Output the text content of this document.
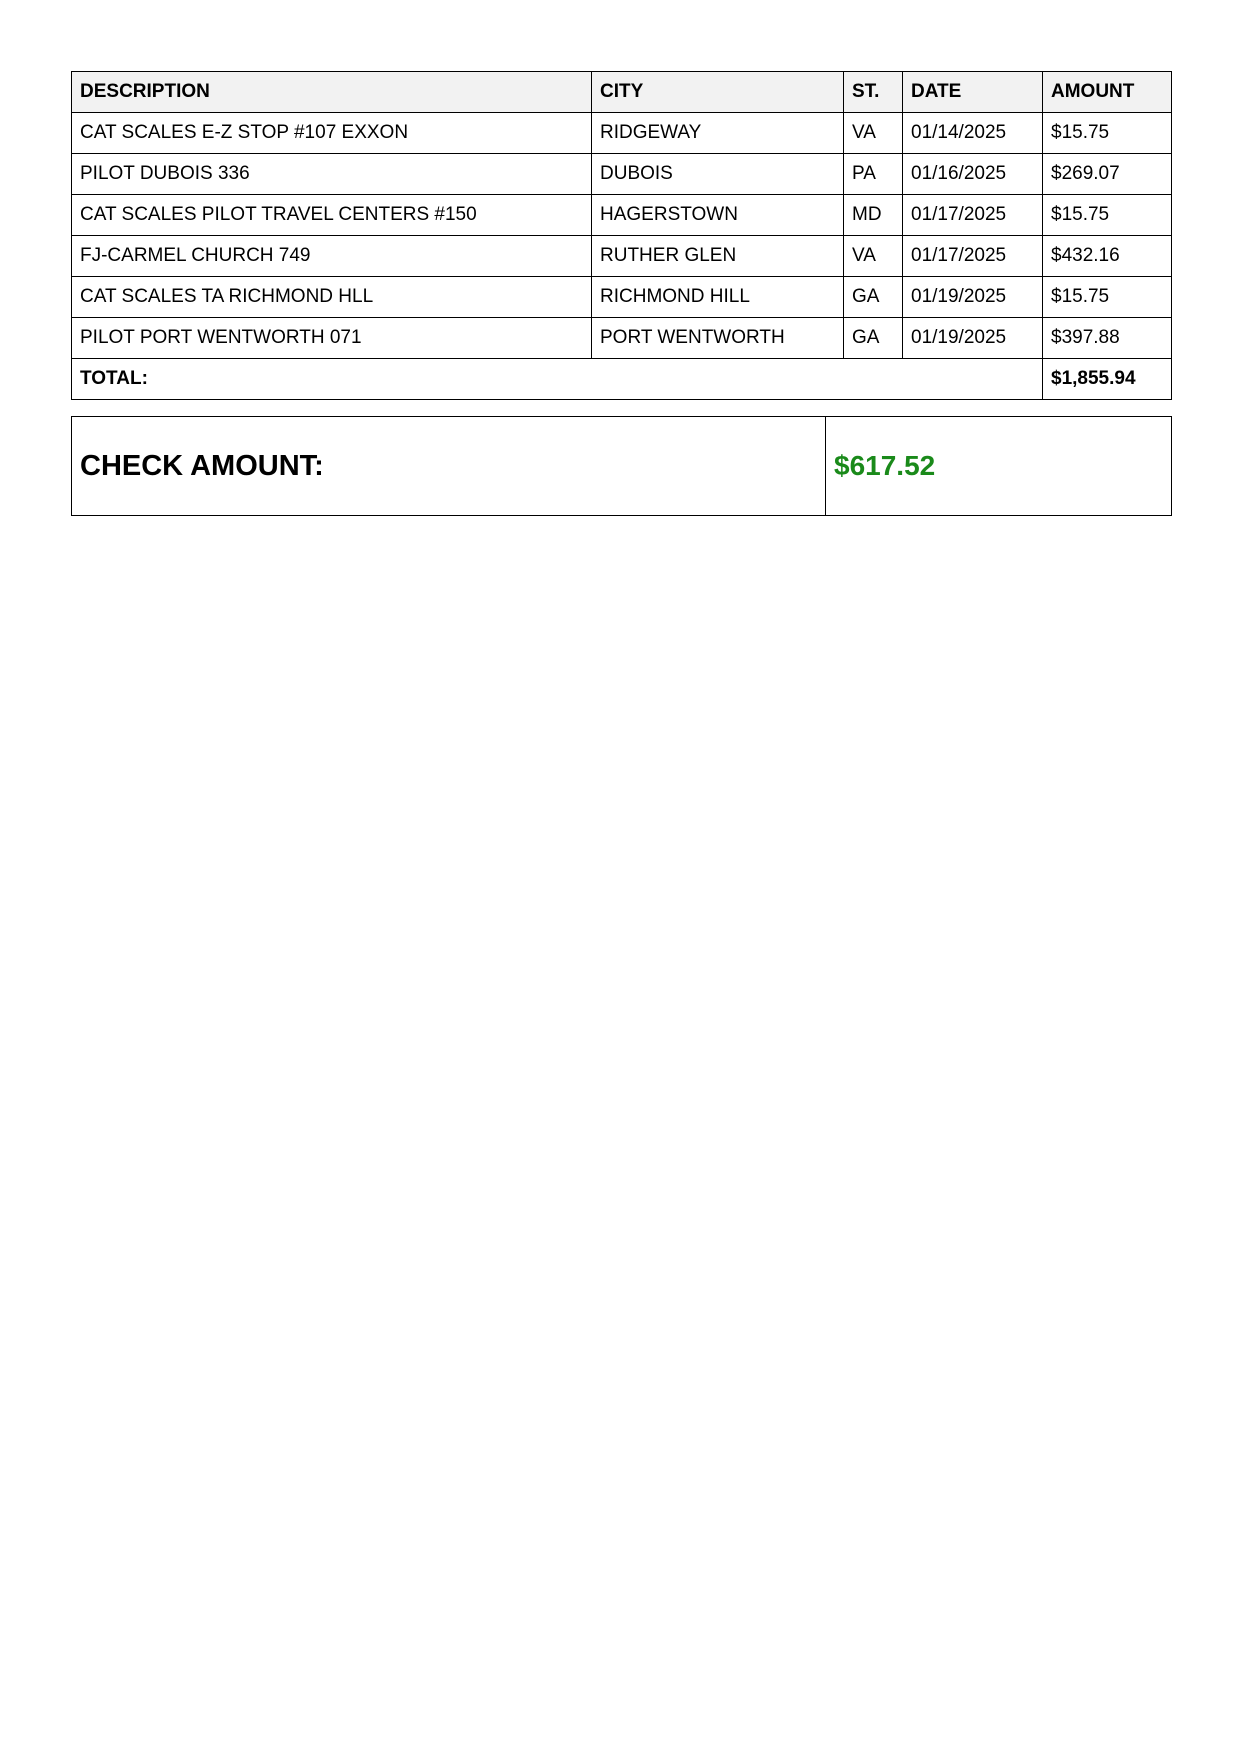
DESCRIPTION	CITY	ST.	DATE	AMOUNT
CAT SCALES E-Z STOP #107 EXXON	RIDGEWAY	VA	01/14/2025	$15.75
PILOT DUBOIS 336	DUBOIS	PA	01/16/2025	$269.07
CAT SCALES PILOT TRAVEL CENTERS #150	HAGERSTOWN	MD	01/17/2025	$15.75
FJ-CARMEL CHURCH 749	RUTHER GLEN	VA	01/17/2025	$432.16
CAT SCALES TA RICHMOND HLL	RICHMOND HILL	GA	01/19/2025	$15.75
PILOT PORT WENTWORTH 071	PORT WENTWORTH	GA	01/19/2025	$397.88
TOTAL:				$1,855.94
CHECK AMOUNT:	$617.52
